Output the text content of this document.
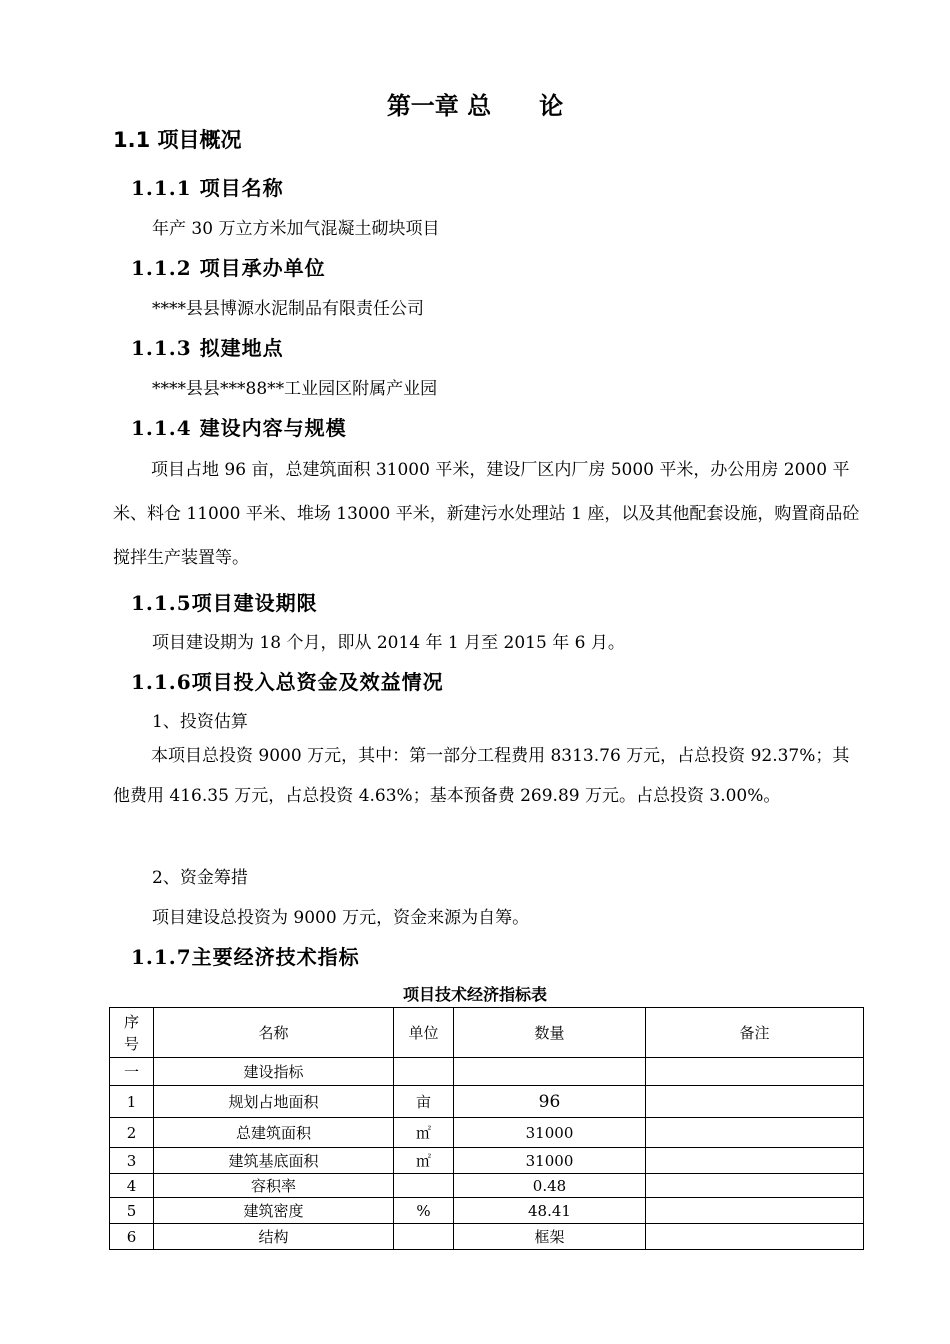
第一章 总　　论
1.1 项目概况
1.1.1 项目名称
年产 30 万立方米加气混凝土砌块项目
1.1.2 项目承办单位
****县县博源水泥制品有限责任公司
1.1.3 拟建地点
****县县***88**工业园区附属产业园
1.1.4 建设内容与规模
项目占地 96 亩，总建筑面积 31000 平米，建设厂区内厂房 5000 平米，办公用房 2000 平米、料仓 11000 平米、堆场 13000 平米，新建污水处理站 1 座，以及其他配套设施，购置商品砼搅拌生产装置等。
1.1.5项目建设期限
项目建设期为 18 个月，即从 2014 年 1 月至 2015 年 6 月。
1.1.6项目投入总资金及效益情况
1、投资估算
本项目总投资 9000 万元，其中：第一部分工程费用 8313.76 万元，占总投资 92.37%；其他费用 416.35 万元，占总投资 4.63%；基本预备费 269.89 万元。占总投资 3.00%。
2、资金筹措
项目建设总投资为 9000 万元，资金来源为自筹。
1.1.7主要经济技术指标
项目技术经济指标表
序号	名称	单位	数量	备注
一	建设指标			
1	规划占地面积	亩	96	
2	总建筑面积	㎡	31000	
3	建筑基底面积	㎡	31000	
4	容积率		0.48	
5	建筑密度	%	48.41	
6	结构		框架	
